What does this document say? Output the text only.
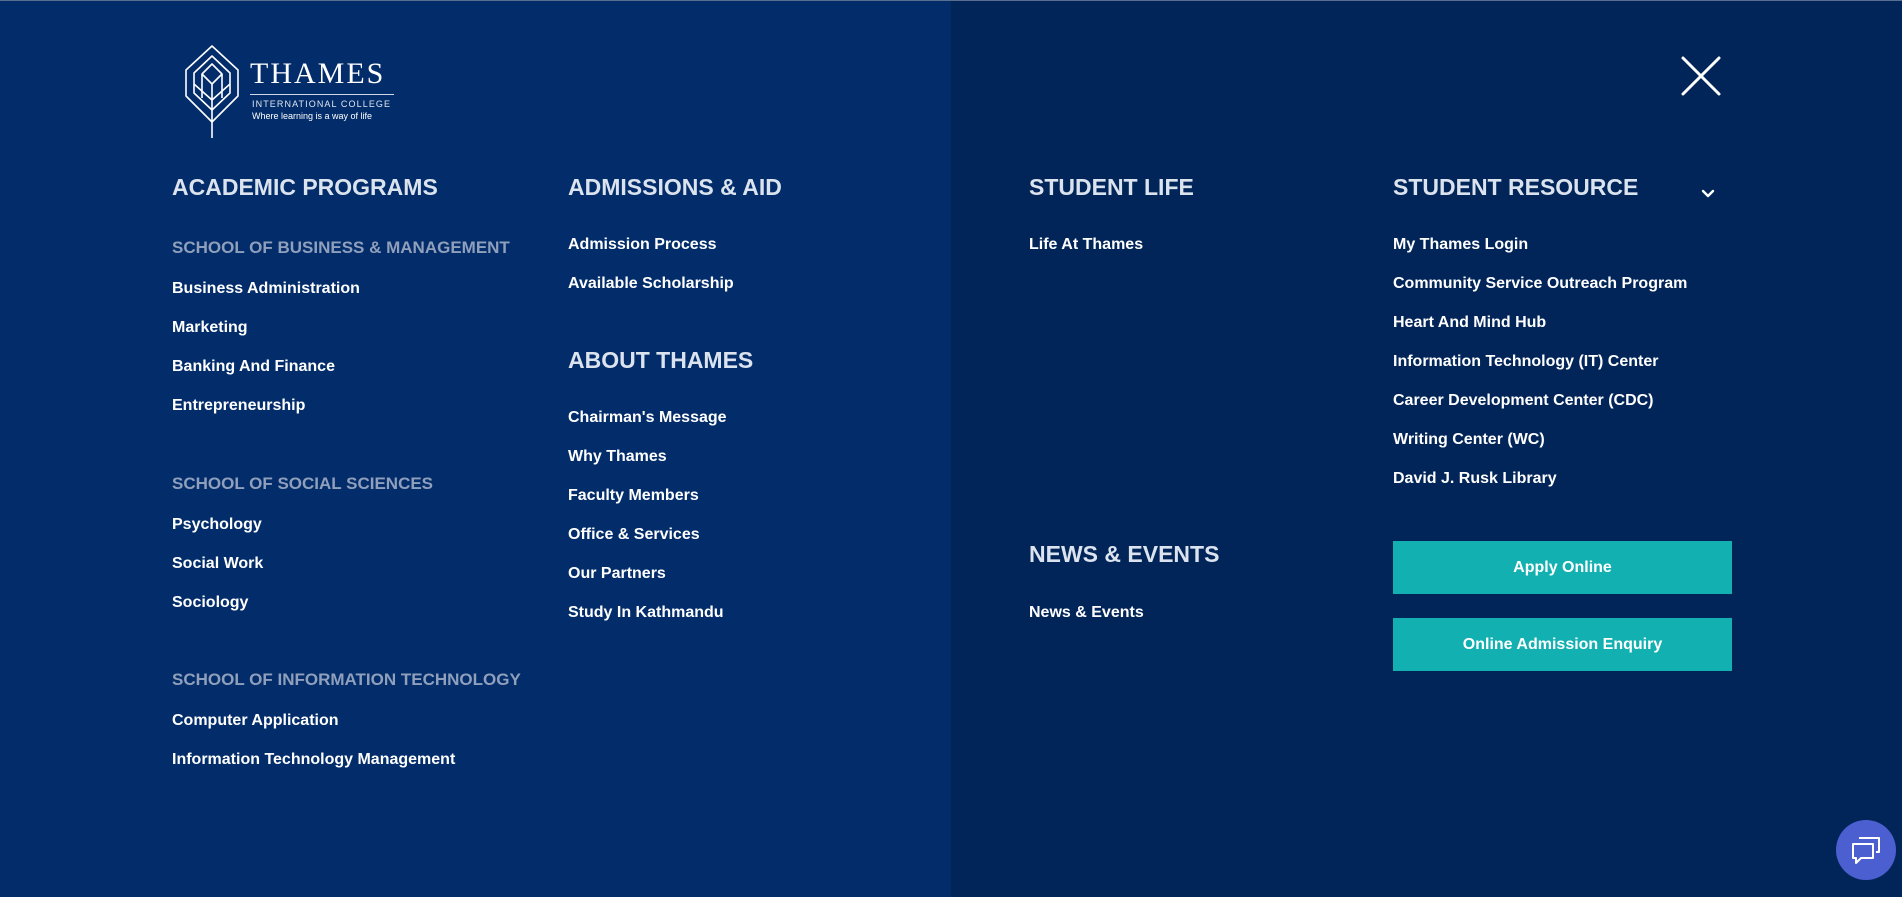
THAMES
INTERNATIONAL COLLEGE
Where learning is a way of life
ACADEMIC PROGRAMS
SCHOOL OF BUSINESS & MANAGEMENT
Business Administration
Marketing
Banking And Finance
Entrepreneurship
SCHOOL OF SOCIAL SCIENCES
Psychology
Social Work
Sociology
SCHOOL OF INFORMATION TECHNOLOGY
Computer Application
Information Technology Management
ADMISSIONS & AID
Admission Process
Available Scholarship
ABOUT THAMES
Chairman's Message
Why Thames
Faculty Members
Office & Services
Our Partners
Study In Kathmandu
STUDENT LIFE
Life At Thames
NEWS & EVENTS
News & Events
STUDENT RESOURCE
My Thames Login
Community Service Outreach Program
Heart And Mind Hub
Information Technology (IT) Center
Career Development Center (CDC)
Writing Center (WC)
David J. Rusk Library
Apply Online
Online Admission Enquiry
